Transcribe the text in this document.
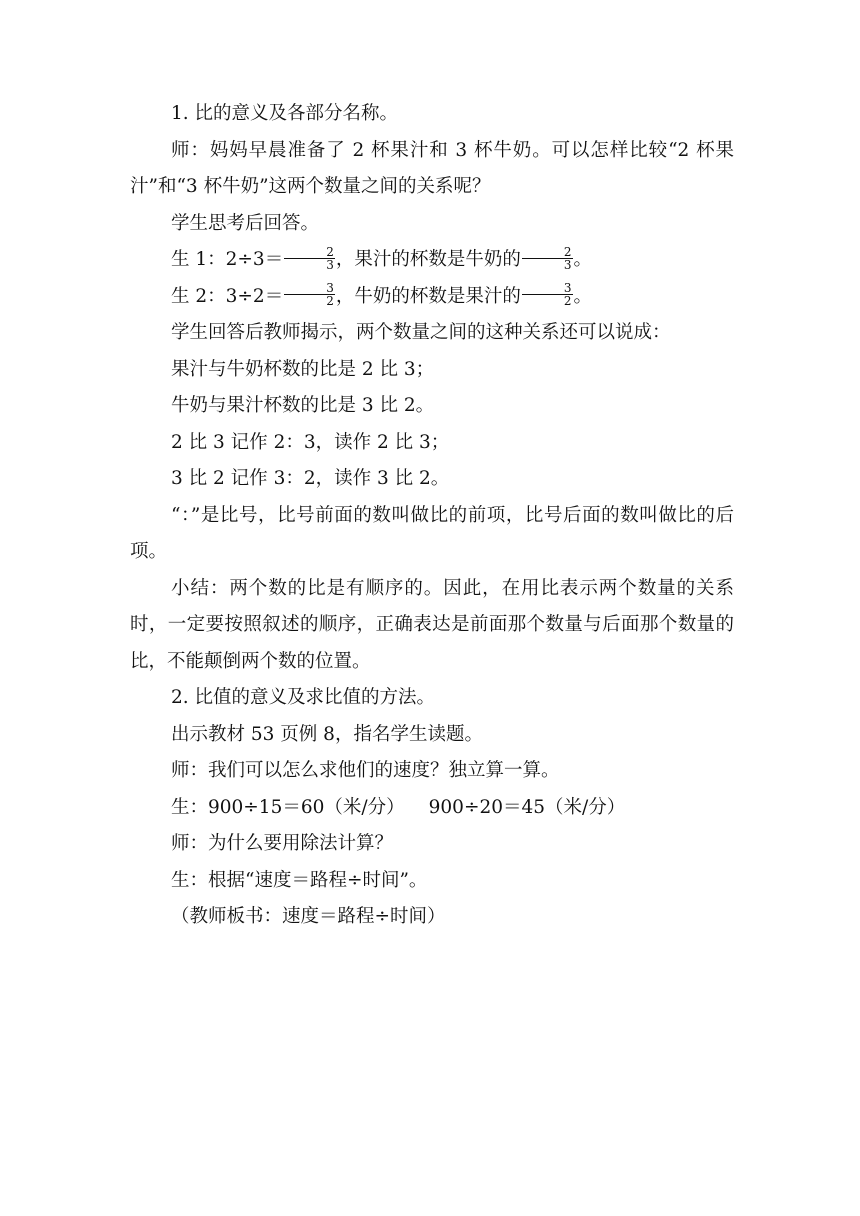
1. 比的意义及各部分名称。

师：妈妈早晨准备了 2 杯果汁和 3 杯牛奶。可以怎样比较“2 杯果汁”和“3 杯牛奶”这两个数量之间的关系呢？

学生思考后回答。

生 1：$2\div 3= \frac{2}{3}$ ，果汁的杯数是牛奶的 $\frac{2}{3}$ 。

生 2：$3\div 2= \frac{3}{2}$ ，牛奶的杯数是果汁的 $\frac{3}{2}$ 。

学生回答后教师揭示，两个数量之间的这种关系还可以说成：

果汁与牛奶杯数的比是 2 比 3；

牛奶与果汁杯数的比是 3 比 2。

2 比 3 记作 2：3，读作 2 比 3；

3 比 2 记作 3：2，读作 3 比 2。

“：”是比号，比号前面的数叫做比的前项，比号后面的数叫做比的后项。

小结：两个数的比是有顺序的。因此，在用比表示两个数量的关系时，一定要按照叙述的顺序，正确表达是前面那个数量与后面那个数量的比，不能颠倒两个数的位置。

2. 比值的意义及求比值的方法。

出示教材 53 页例 8，指名学生读题。

师：我们可以怎么求他们的速度？独立算一算。

生：900÷15＝60（米/分） 900÷20＝45（米/分）

师：为什么要用除法计算？

生：根据“速度＝路程÷时间”。

（教师板书：速度＝路程÷时间）
